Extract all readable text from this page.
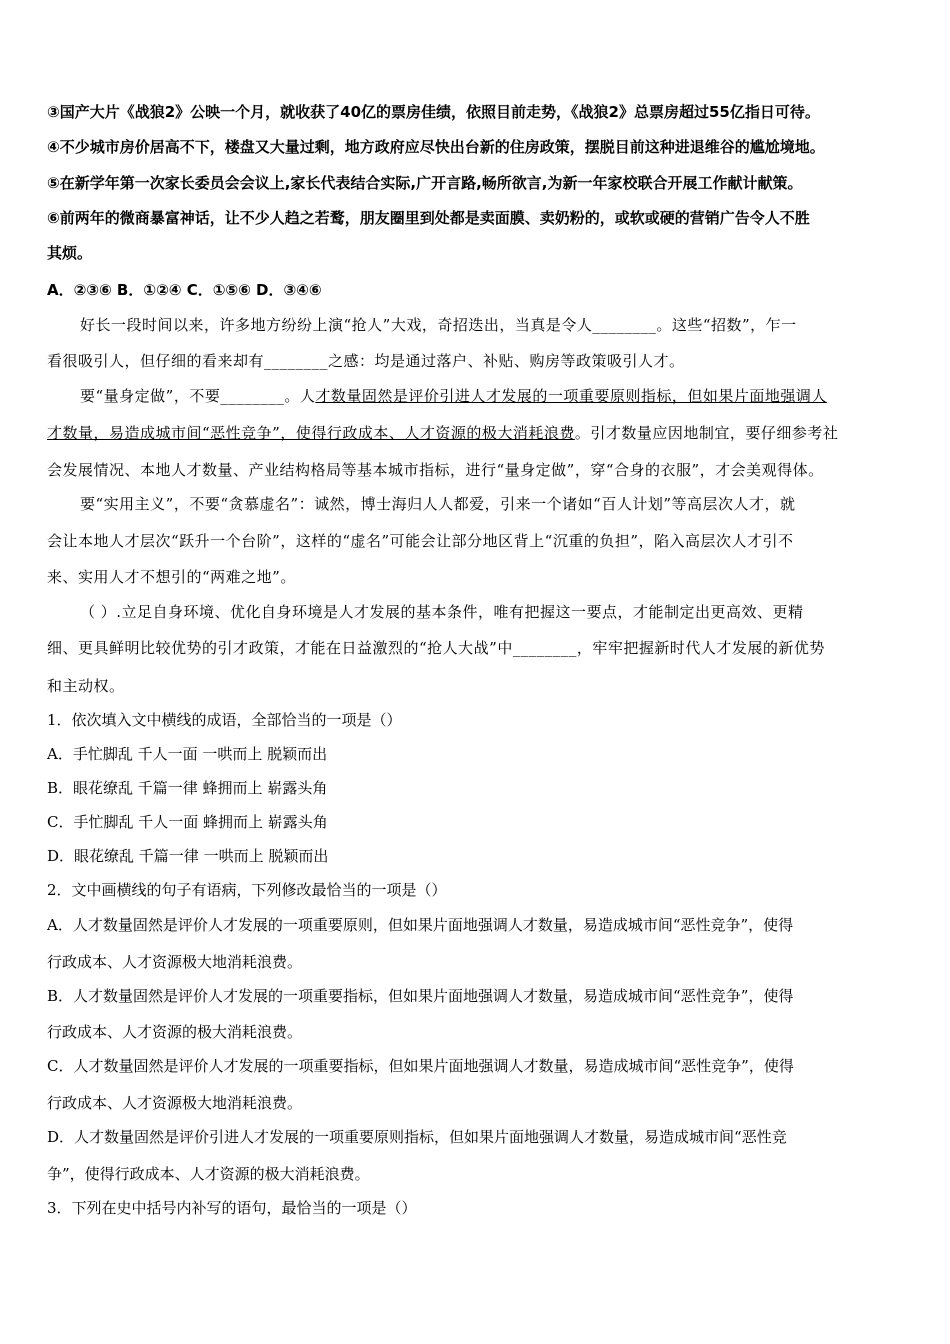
③国产大片《战狼2》公映一个月，就收获了40亿的票房佳绩，依照目前走势，《战狼2》总票房超过55亿指日可待。
④不少城市房价居高不下，楼盘又大量过剩，地方政府应尽快出台新的住房政策，摆脱目前这种进退维谷的尴尬境地。
⑤在新学年第一次家长委员会会议上,家长代表结合实际,广开言路,畅所欲言,为新一年家校联合开展工作献计献策。
⑥前两年的微商暴富神话，让不少人趋之若鹜，朋友圈里到处都是卖面膜、卖奶粉的，或软或硬的营销广告令人不胜
其烦。
A．②③⑥ B．①②④ C．①⑤⑥ D．③④⑥
好长一段时间以来，许多地方纷纷上演“抢人”大戏，奇招迭出，当真是令人________。这些“招数”，乍一
看很吸引人，但仔细的看来却有________之感：均是通过落户、补贴、购房等政策吸引人才。
要“量身定做”，不要________。人才数量固然是评价引进人才发展的一项重要原则指标，但如果片面地强调人
才数量，易造成城市间“恶性竞争”，使得行政成本、人才资源的极大消耗浪费。引才数量应因地制宜，要仔细参考社
会发展情况、本地人才数量、产业结构格局等基本城市指标，进行“量身定做”，穿“合身的衣服”，才会美观得体。
要“实用主义”，不要“贪慕虚名”：诚然，博士海归人人都爱，引来一个诸如“百人计划”等高层次人才，就
会让本地人才层次“跃升一个台阶”，这样的“虚名”可能会让部分地区背上“沉重的负担”，陷入高层次人才引不
来、实用人才不想引的“两难之地”。
（ ）.立足自身环境、优化自身环境是人才发展的基本条件，唯有把握这一要点，才能制定出更高效、更精
细、更具鲜明比较优势的引才政策，才能在日益激烈的“抢人大战”中________，牢牢把握新时代人才发展的新优势
和主动权。
1．依次填入文中横线的成语，全部恰当的一项是（）
A．手忙脚乱 千人一面 一哄而上 脱颖而出
B．眼花缭乱 千篇一律 蜂拥而上 崭露头角
C．手忙脚乱 千人一面 蜂拥而上 崭露头角
D．眼花缭乱 千篇一律 一哄而上 脱颖而出
2．文中画横线的句子有语病，下列修改最恰当的一项是（）
A．人才数量固然是评价人才发展的一项重要原则，但如果片面地强调人才数量，易造成城市间“恶性竞争”，使得
行政成本、人才资源极大地消耗浪费。
B．人才数量固然是评价人才发展的一项重要指标，但如果片面地强调人才数量，易造成城市间“恶性竞争”，使得
行政成本、人才资源的极大消耗浪费。
C．人才数量固然是评价人才发展的一项重要指标，但如果片面地强调人才数量，易造成城市间“恶性竞争”，使得
行政成本、人才资源极大地消耗浪费。
D．人才数量固然是评价引进人才发展的一项重要原则指标，但如果片面地强调人才数量，易造成城市间“恶性竞
争”，使得行政成本、人才资源的极大消耗浪费。
3．下列在史中括号内补写的语句，最恰当的一项是（）
